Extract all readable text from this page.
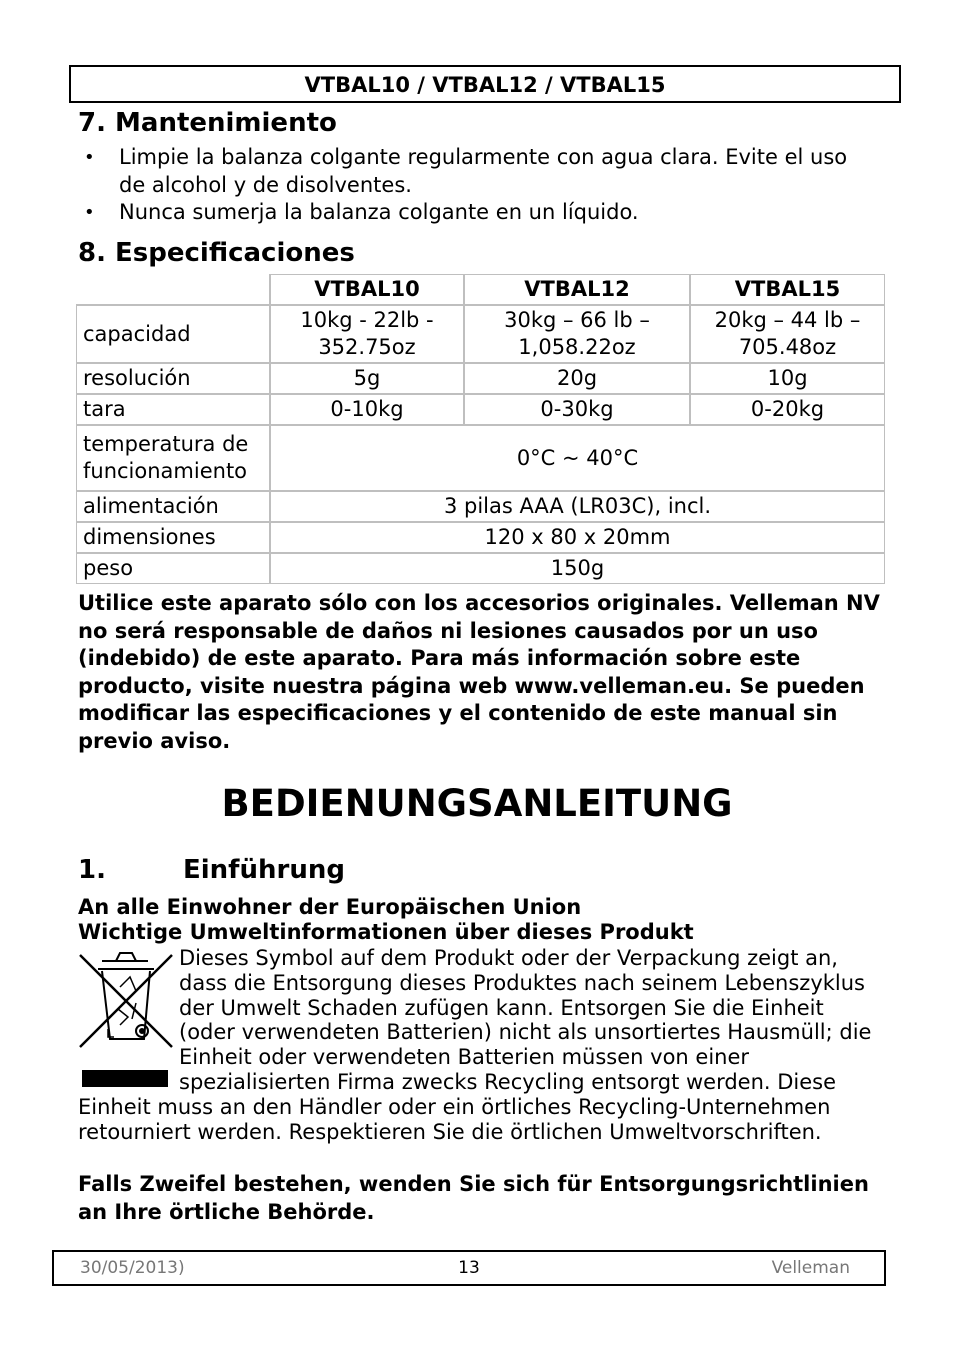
VTBAL10 / VTBAL12 / VTBAL15
7. Mantenimiento
• Limpie la balanza colgante regularmente con agua clara. Evite el uso de alcohol y de disolventes.
• Nunca sumerja la balanza colgante en un líquido.
8. Especificaciones
	VTBAL10	VTBAL12	VTBAL15
capacidad	10kg - 22lb - 352.75oz	30kg – 66 lb – 1,058.22oz	20kg – 44 lb – 705.48oz
resolución	5g	20g	10g
tara	0-10kg	0-30kg	0-20kg
temperatura de funcionamiento	0°C ~ 40°C		
alimentación	3 pilas AAA (LR03C), incl.		
dimensiones	120 x 80 x 20mm		
peso	150g		
Utilice este aparato sólo con los accesorios originales. Velleman NV no será responsable de daños ni lesiones causados por un uso (indebido) de este aparato. Para más información sobre este producto, visite nuestra página web www.velleman.eu. Se pueden modificar las especificaciones y el contenido de este manual sin previo aviso.
BEDIENUNGSANLEITUNG
1.	Einführung
An alle Einwohner der Europäischen Union
Wichtige Umweltinformationen über dieses Produkt
Dieses Symbol auf dem Produkt oder der Verpackung zeigt an, dass die Entsorgung dieses Produktes nach seinem Lebenszyklus der Umwelt Schaden zufügen kann. Entsorgen Sie die Einheit (oder verwendeten Batterien) nicht als unsortiertes Hausmüll; die Einheit oder verwendeten Batterien müssen von einer spezialisierten Firma zwecks Recycling entsorgt werden. Diese Einheit muss an den Händler oder ein örtliches Recycling-Unternehmen retourniert werden. Respektieren Sie die örtlichen Umweltvorschriften.
Falls Zweifel bestehen, wenden Sie sich für Entsorgungsrichtlinien an Ihre örtliche Behörde.
30/05/2013)	13	Velleman
